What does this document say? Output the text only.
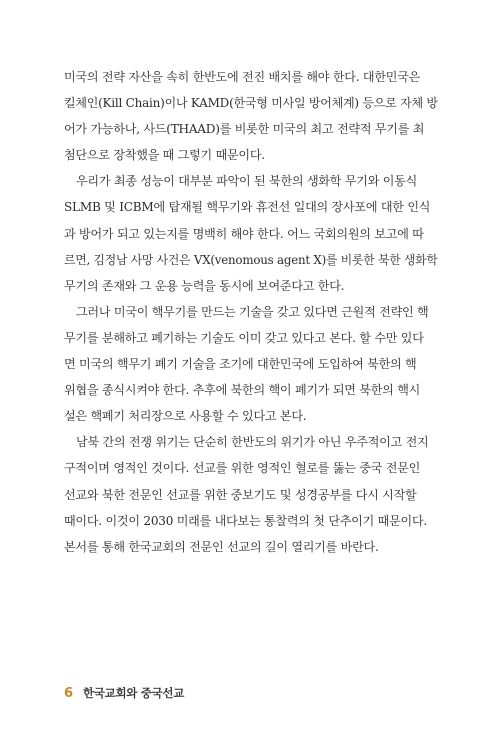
미국의 전략 자산을 속히 한반도에 전진 배치를 해야 한다. 대한민국은
킬체인(Kill Chain)이나 KAMD(한국형 미사일 방어체계) 등으로 자체 방
어가 가능하나, 사드(THAAD)를 비롯한 미국의 최고 전략적 무기를 최
첨단으로 장착했을 때 그렇기 때문이다.

우리가 최종 성능이 대부분 파악이 된 북한의 생화학 무기와 이동식
SLMB 및 ICBM에 탑재될 핵무기와 휴전선 일대의 장사포에 대한 인식
과 방어가 되고 있는지를 명백히 해야 한다. 어느 국회의원의 보고에 따
르면, 김정남 사망 사건은 VX(venomous agent X)를 비롯한 북한 생화학
무기의 존재와 그 운용 능력을 동시에 보여준다고 한다.

그러나 미국이 핵무기를 만드는 기술을 갖고 있다면 근원적 전략인 핵
무기를 분해하고 폐기하는 기술도 이미 갖고 있다고 본다. 할 수만 있다
면 미국의 핵무기 폐기 기술을 조기에 대한민국에 도입하여 북한의 핵
위협을 종식시켜야 한다. 추후에 북한의 핵이 폐기가 되면 북한의 핵시
설은 핵폐기 처리장으로 사용할 수 있다고 본다.

남북 간의 전쟁 위기는 단순히 한반도의 위기가 아닌 우주적이고 전지
구적이며 영적인 것이다. 선교를 위한 영적인 혈로를 뚫는 중국 전문인
선교와 북한 전문인 선교를 위한 중보기도 및 성경공부를 다시 시작할
때이다. 이것이 2030 미래를 내다보는 통찰력의 첫 단추이기 때문이다.
본서를 통해 한국교회의 전문인 선교의 길이 열리기를 바란다.

6 한국교회와 중국선교
